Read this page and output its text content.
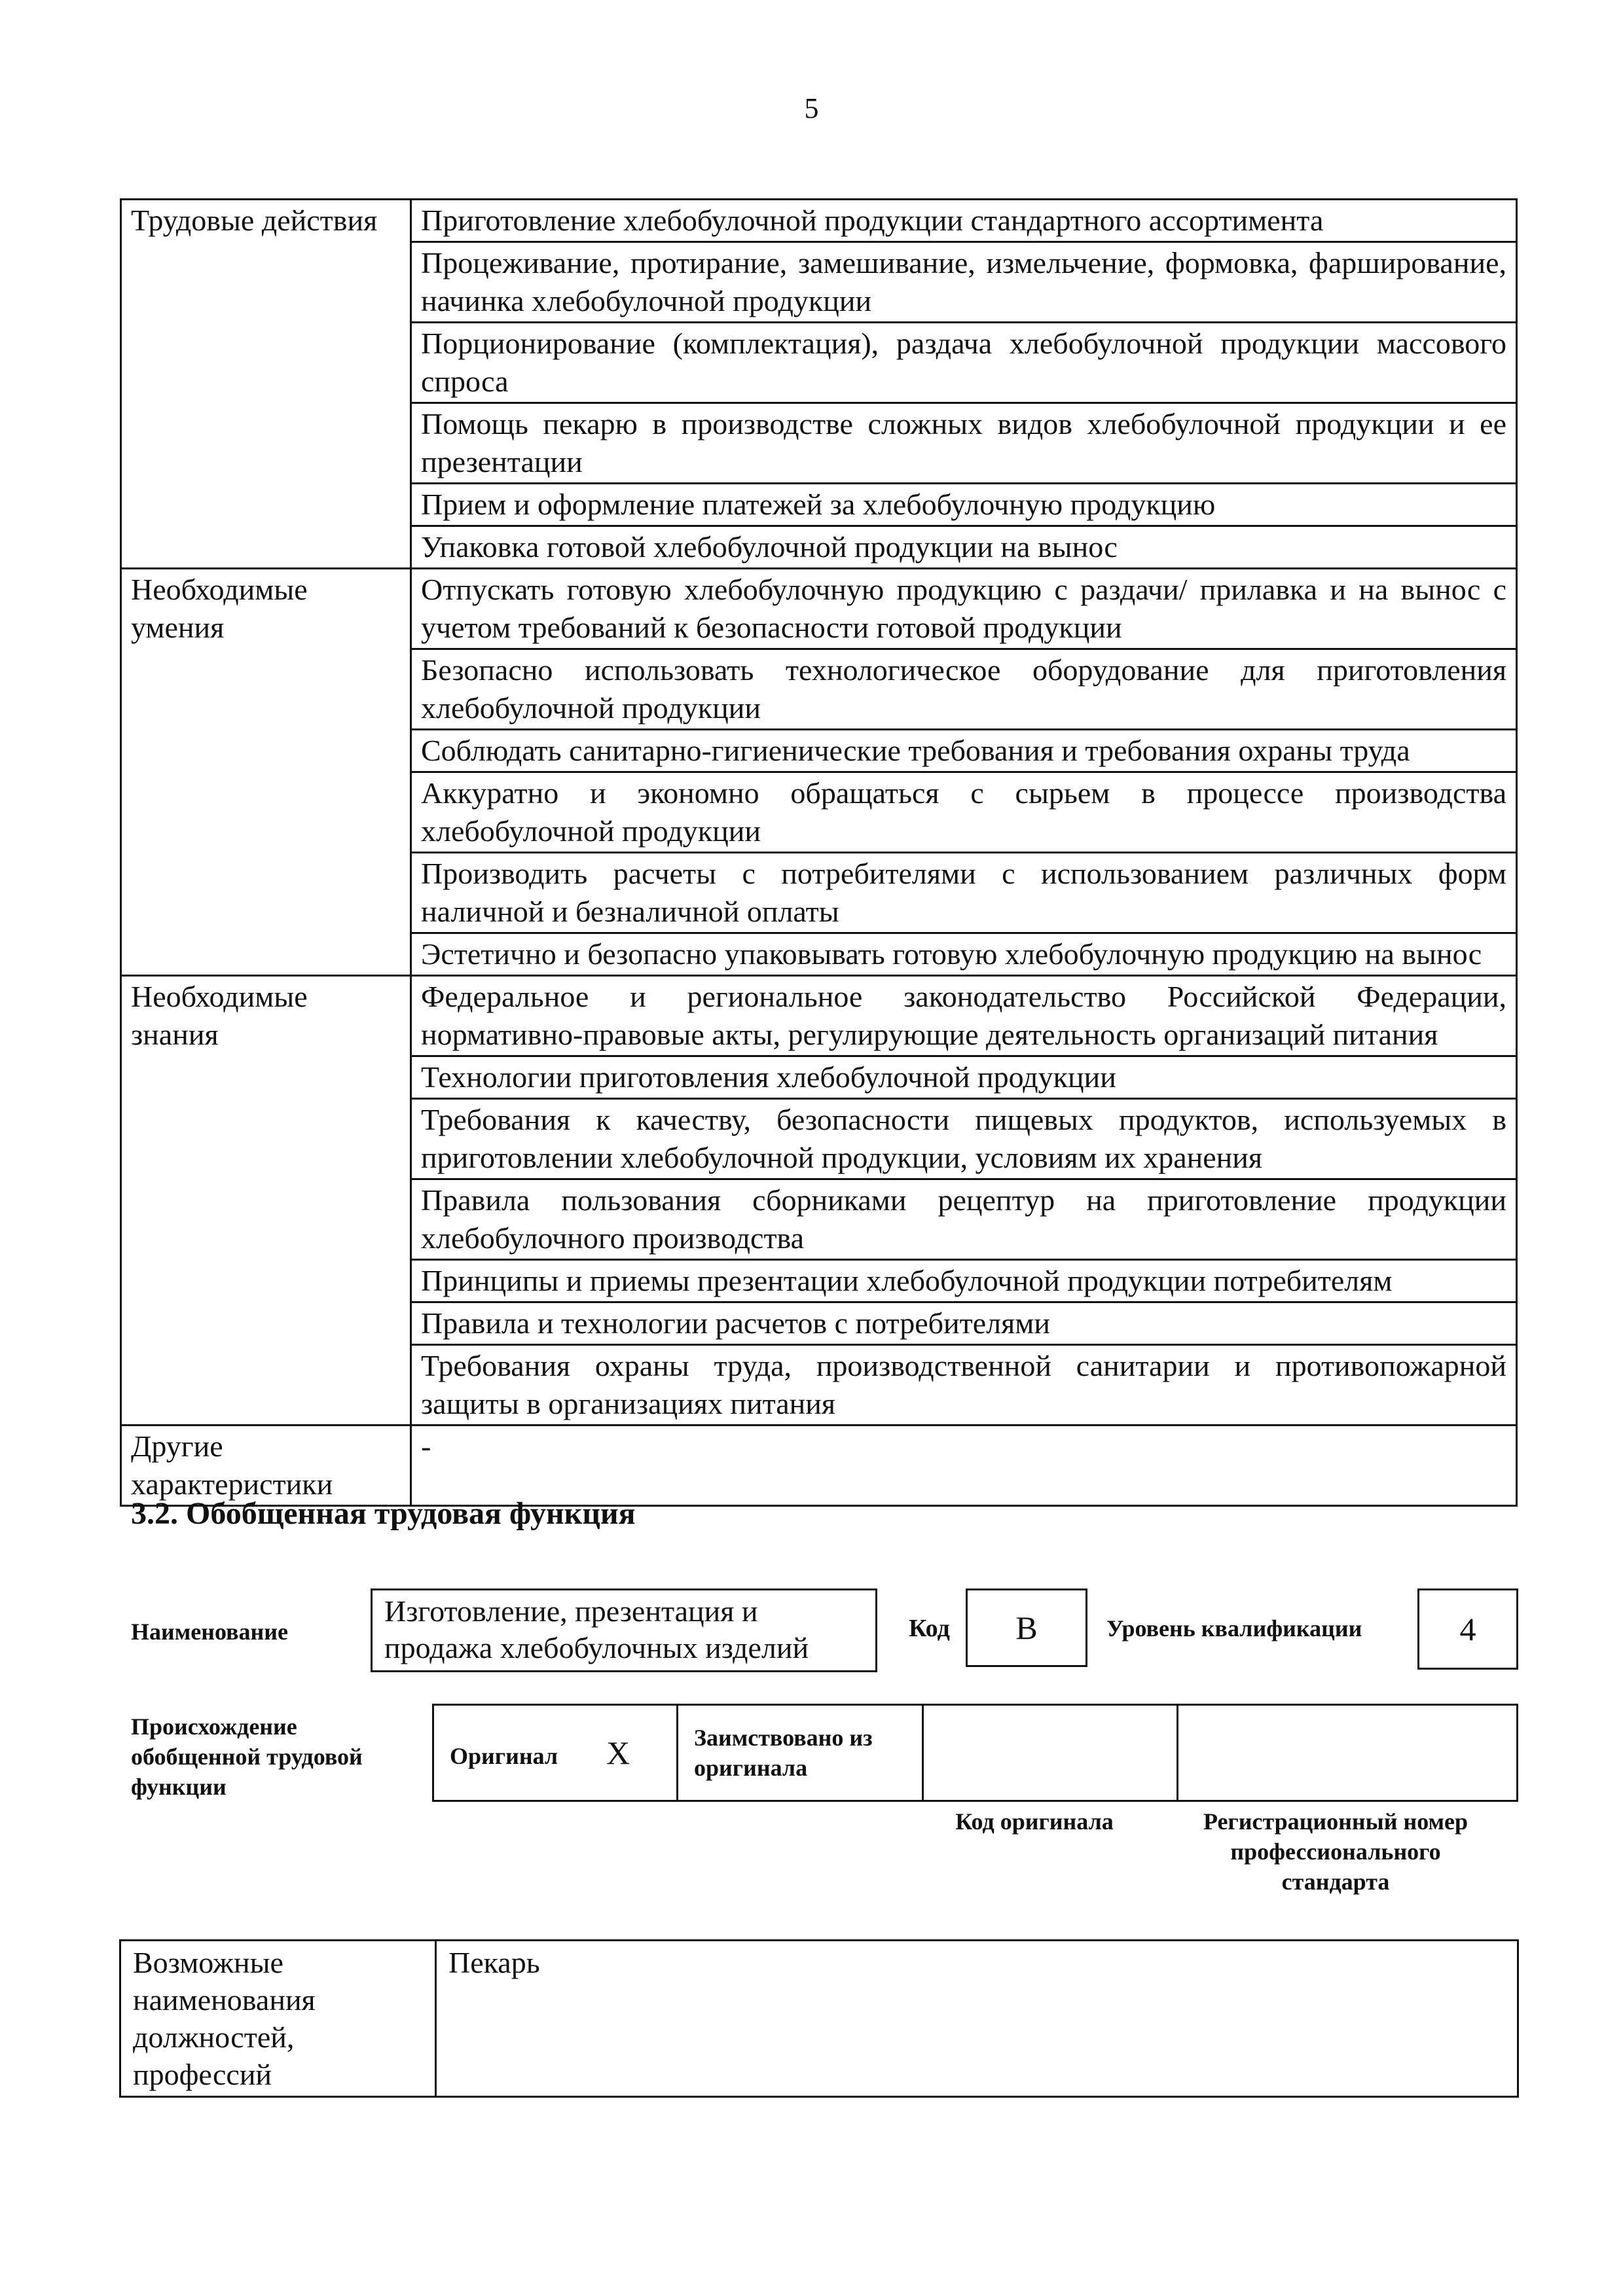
5
Трудовые действия	Приготовление хлебобулочной продукции стандартного ассортимента
	Процеживание, протирание, замешивание, измельчение, формовка, фарширование, начинка хлебобулочной продукции
	Порционирование (комплектация), раздача хлебобулочной продукции массового спроса
	Помощь пекарю в производстве сложных видов хлебобулочной продукции и ее презентации
	Прием и оформление платежей за хлебобулочную продукцию
	Упаковка готовой хлебобулочной продукции на вынос
Необходимые умения	Отпускать готовую хлебобулочную продукцию с раздачи/ прилавка и на вынос с учетом требований к безопасности готовой продукции
	Безопасно использовать технологическое оборудование для приготовления хлебобулочной продукции
	Соблюдать санитарно-гигиенические требования и требования охраны труда
	Аккуратно и экономно обращаться с сырьем в процессе производства хлебобулочной продукции
	Производить расчеты с потребителями с использованием различных форм наличной и безналичной оплаты
	Эстетично и безопасно упаковывать готовую хлебобулочную продукцию на вынос
Необходимые знания	Федеральное и региональное законодательство Российской Федерации, нормативно-правовые акты, регулирующие деятельность организаций питания
	Технологии приготовления хлебобулочной продукции
	Требования к качеству, безопасности пищевых продуктов, используемых в приготовлении хлебобулочной продукции, условиям их хранения
	Правила пользования сборниками рецептур на приготовление продукции хлебобулочного производства
	Принципы и приемы презентации хлебобулочной продукции потребителям
	Правила и технологии расчетов с потребителями
	Требования охраны труда, производственной санитарии и противопожарной защиты в организациях питания
Другие характеристики	-
3.2. Обобщенная трудовая функция
Наименование
Изготовление, презентация и продажа хлебобулочных изделий
Код B	Уровень квалификации	4
Происхождение обобщенной трудовой функции
Оригинал X	Заимствовано из оригинала

Код оригинала	Регистрационный номер профессионального стандарта
Возможные наименования должностей, профессий	Пекарь
